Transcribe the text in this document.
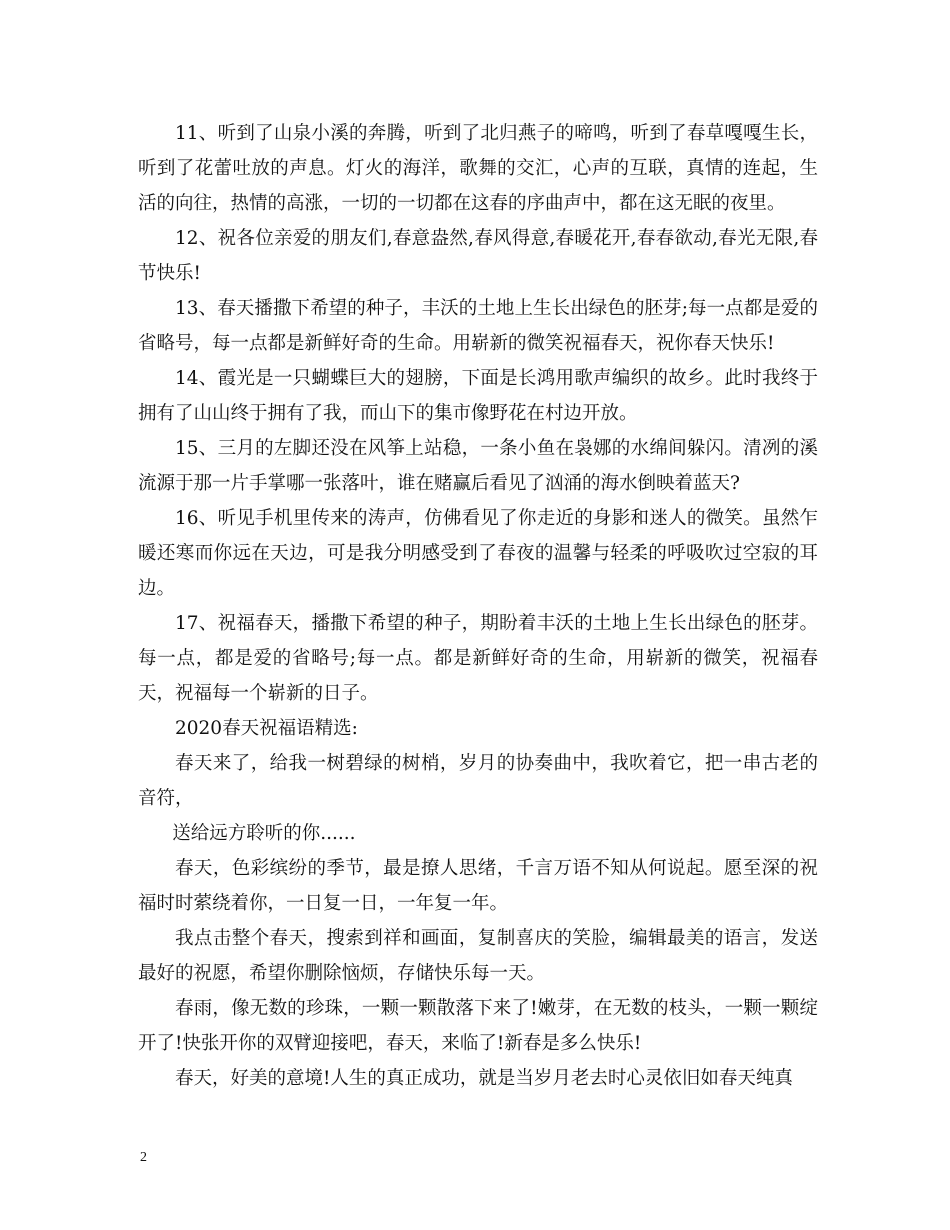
11、听到了山泉小溪的奔腾，听到了北归燕子的啼鸣，听到了春草嘎嘎生长，听到了花蕾吐放的声息。灯火的海洋，歌舞的交汇，心声的互联，真情的连起，生活的向往，热情的高涨，一切的一切都在这春的序曲声中，都在这无眠的夜里。

12、祝各位亲爱的朋友们,春意盎然,春风得意,春暖花开,春春欲动,春光无限,春节快乐!

13、春天播撒下希望的种子，丰沃的土地上生长出绿色的胚芽;每一点都是爱的省略号，每一点都是新鲜好奇的生命。用崭新的微笑祝福春天，祝你春天快乐!

14、霞光是一只蝴蝶巨大的翅膀，下面是长鸿用歌声编织的故乡。此时我终于拥有了山山终于拥有了我，而山下的集市像野花在村边开放。

15、三月的左脚还没在风筝上站稳，一条小鱼在袅娜的水绵间躲闪。清冽的溪流源于那一片手掌哪一张落叶，谁在赌赢后看见了汹涌的海水倒映着蓝天?

16、听见手机里传来的涛声，仿佛看见了你走近的身影和迷人的微笑。虽然乍暖还寒而你远在天边，可是我分明感受到了春夜的温馨与轻柔的呼吸吹过空寂的耳边。

17、祝福春天，播撒下希望的种子，期盼着丰沃的土地上生长出绿色的胚芽。每一点，都是爱的省略号;每一点。都是新鲜好奇的生命，用崭新的微笑，祝福春天，祝福每一个崭新的日子。

2020春天祝福语精选:

春天来了，给我一树碧绿的树梢，岁月的协奏曲中，我吹着它，把一串古老的音符，

送给远方聆听的你......

春天，色彩缤纷的季节，最是撩人思绪，千言万语不知从何说起。愿至深的祝福时时萦绕着你，一日复一日，一年复一年。

我点击整个春天，搜索到祥和画面，复制喜庆的笑脸，编辑最美的语言，发送最好的祝愿，希望你删除恼烦，存储快乐每一天。

春雨，像无数的珍珠，一颗一颗散落下来了!嫩芽，在无数的枝头，一颗一颗绽开了!快张开你的双臂迎接吧，春天，来临了!新春是多么快乐!

春天，好美的意境!人生的真正成功，就是当岁月老去时心灵依旧如春天纯真

2
